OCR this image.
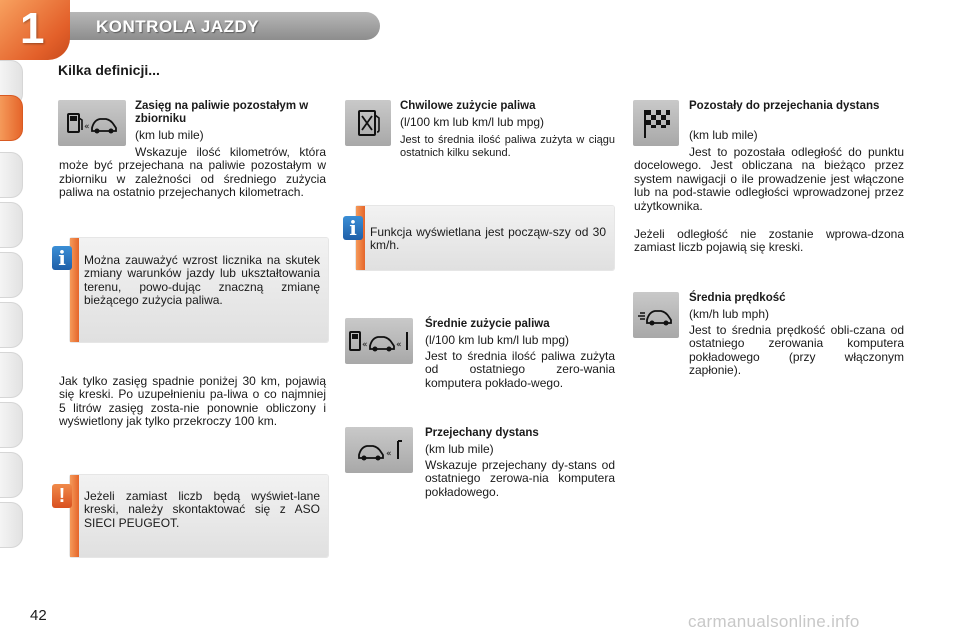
1	KONTROLA JAZDY
Kilka definicji...
«
Zasięg na paliwie pozostałym w zbiorniku
(km lub mile)
Wskazuje ilość kilometrów, która może być przejechana na paliwie pozostałym w zbiorniku w zależności od średniego zużycia paliwa na ostatnio przejechanych kilometrach.
i	Można zauważyć wzrost licznika na skutek zmiany warunków jazdy lub ukształtowania terenu, powo-dując znaczną zmianę bieżącego zużycia paliwa.
Jak tylko zasięg spadnie poniżej 30 km, pojawią się kreski. Po uzupełnieniu pa-liwa o co najmniej 5 litrów zasięg zosta-nie ponownie obliczony i wyświetlony jak tylko przekroczy 100 km.
!	Jeżeli zamiast liczb będą wyświet-lane kreski, należy skontaktować się z ASO SIECI PEUGEOT.
Chwilowe zużycie paliwa
(l/100 km lub km/l lub mpg)
Jest to średnia ilość paliwa zużyta w ciągu ostatnich kilku sekund.
i	Funkcja wyświetlana jest począw-szy od 30 km/h.
«	«
Średnie zużycie paliwa
(l/100 km lub km/l lub mpg)
Jest to średnia ilość paliwa zużyta od ostatniego zero-wania komputera pokłado-wego.
«
Przejechany dystans
(km lub mile)
Wskazuje przejechany dy-stans od ostatniego zerowa-nia komputera pokładowego.
Pozostały do przejechania dystans
(km lub mile)
Jest to pozostała odległość do punktu docelowego. Jest obliczana na bieżąco przez system nawigacji o ile prowadzenie jest włączone lub na pod-stawie odległości wprowadzonej przez użytkownika.
Jeżeli odległość nie zostanie wprowa-dzona zamiast liczb pojawią się kreski.
Średnia prędkość
(km/h lub mph)
Jest to średnia prędkość obli-czana od ostatniego zerowania komputera pokładowego (przy włączonym zapłonie).
42	carmanualsonline.info
